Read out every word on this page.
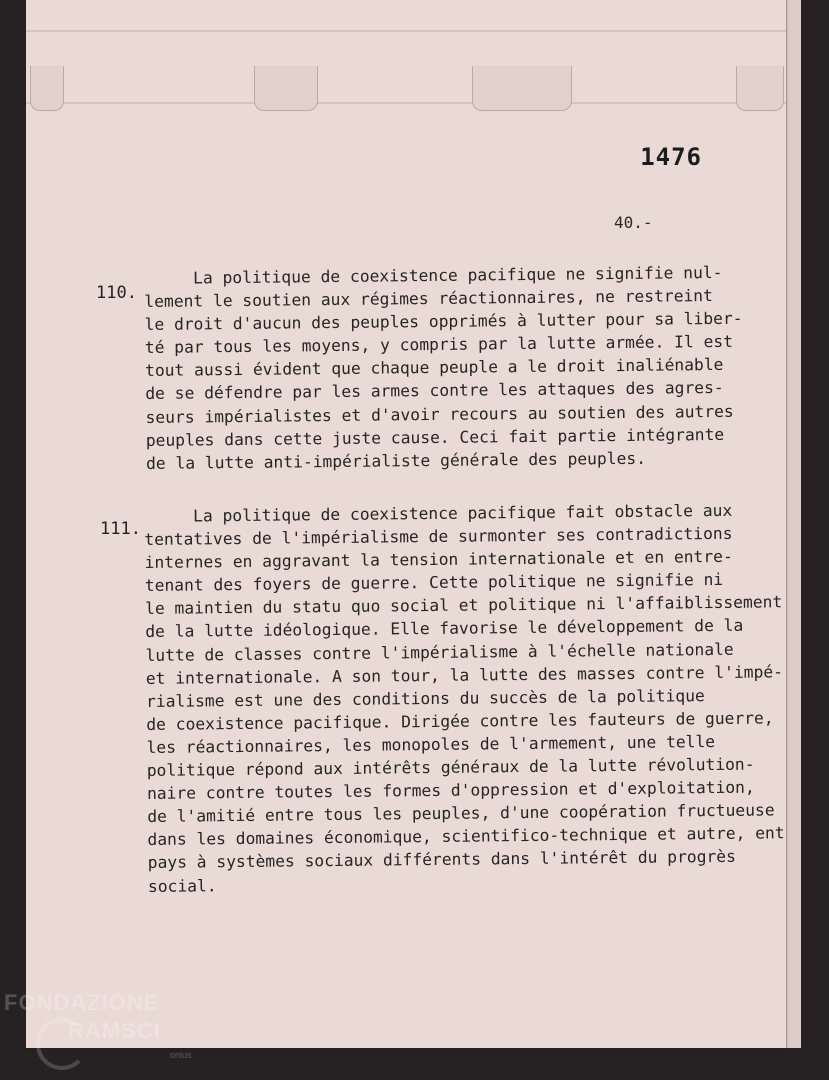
1476
40.-
110.
La politique de coexistence pacifique ne signifie nul-
lement le soutien aux régimes réactionnaires, ne restreint
le droit d'aucun des peuples opprimés à lutter pour sa liber-
té par tous les moyens, y compris par la lutte armée. Il est
tout aussi évident que chaque peuple a le droit inaliénable
de se défendre par les armes contre les attaques des agres-
seurs impérialistes et d'avoir recours au soutien des autres
peuples dans cette juste cause. Ceci fait partie intégrante
de la lutte anti-impérialiste générale des peuples.
111.
La politique de coexistence pacifique fait obstacle aux
tentatives de l'impérialisme de surmonter ses contradictions
internes en aggravant la tension internationale et en entre-
tenant des foyers de guerre. Cette politique ne signifie ni
le maintien du statu quo social et politique ni l'affaiblissement
de la lutte idéologique. Elle favorise le développement de la
lutte de classes contre l'impérialisme à l'échelle nationale
et internationale. A son tour, la lutte des masses contre l'impé-
rialisme est une des conditions du succès de la politique
de coexistence pacifique. Dirigée contre les fauteurs de guerre,
les réactionnaires, les monopoles de l'armement, une telle
politique répond aux intérêts généraux de la lutte révolution-
naire contre toutes les formes d'oppression et d'exploitation,
de l'amitié entre tous les peuples, d'une coopération fructueuse
dans les domaines économique, scientifico-technique et autre, ent
pays à systèmes sociaux différents dans l'intérêt du progrès
social.
FONDAZIONE
RAMSCI
onlus
